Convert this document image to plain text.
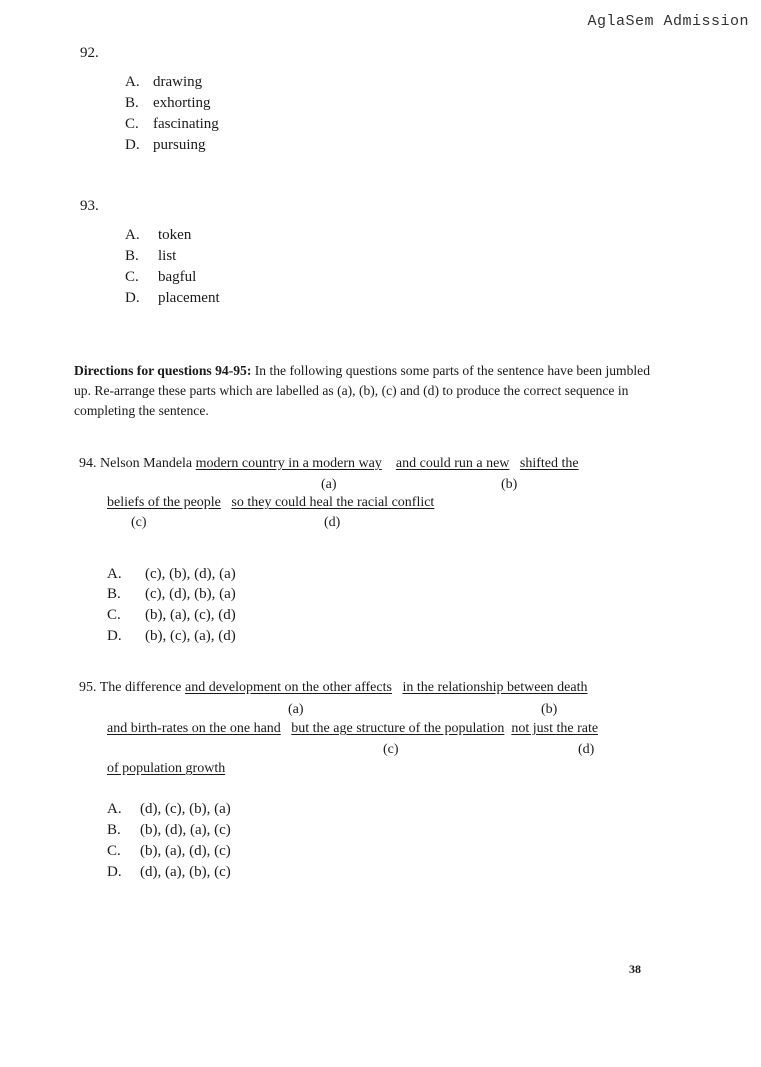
AglaSem Admission
92.
A. drawing
B. exhorting
C. fascinating
D. pursuing
93.
A. token
B. list
C. bagful
D. placement
Directions for questions 94-95: In the following questions some parts of the sentence have been jumbled up. Re-arrange these parts which are labelled as (a), (b), (c) and (d) to produce the correct sequence in completing the sentence.
94. Nelson Mandela modern country in a modern way and could run a new shifted the
(a)	(b)
beliefs of the people so they could heal the racial conflict
(c)	(d)
A. (c), (b), (d), (a)
B. (c), (d), (b), (a)
C. (b), (a), (c), (d)
D. (b), (c), (a), (d)
95. The difference and development on the other affects in the relationship between death
(a)	(b)
and birth-rates on the one hand but the age structure of the population not just the rate
(c)	(d)
of population growth
A. (d), (c), (b), (a)
B. (b), (d), (a), (c)
C. (b), (a), (d), (c)
D. (d), (a), (b), (c)
38
